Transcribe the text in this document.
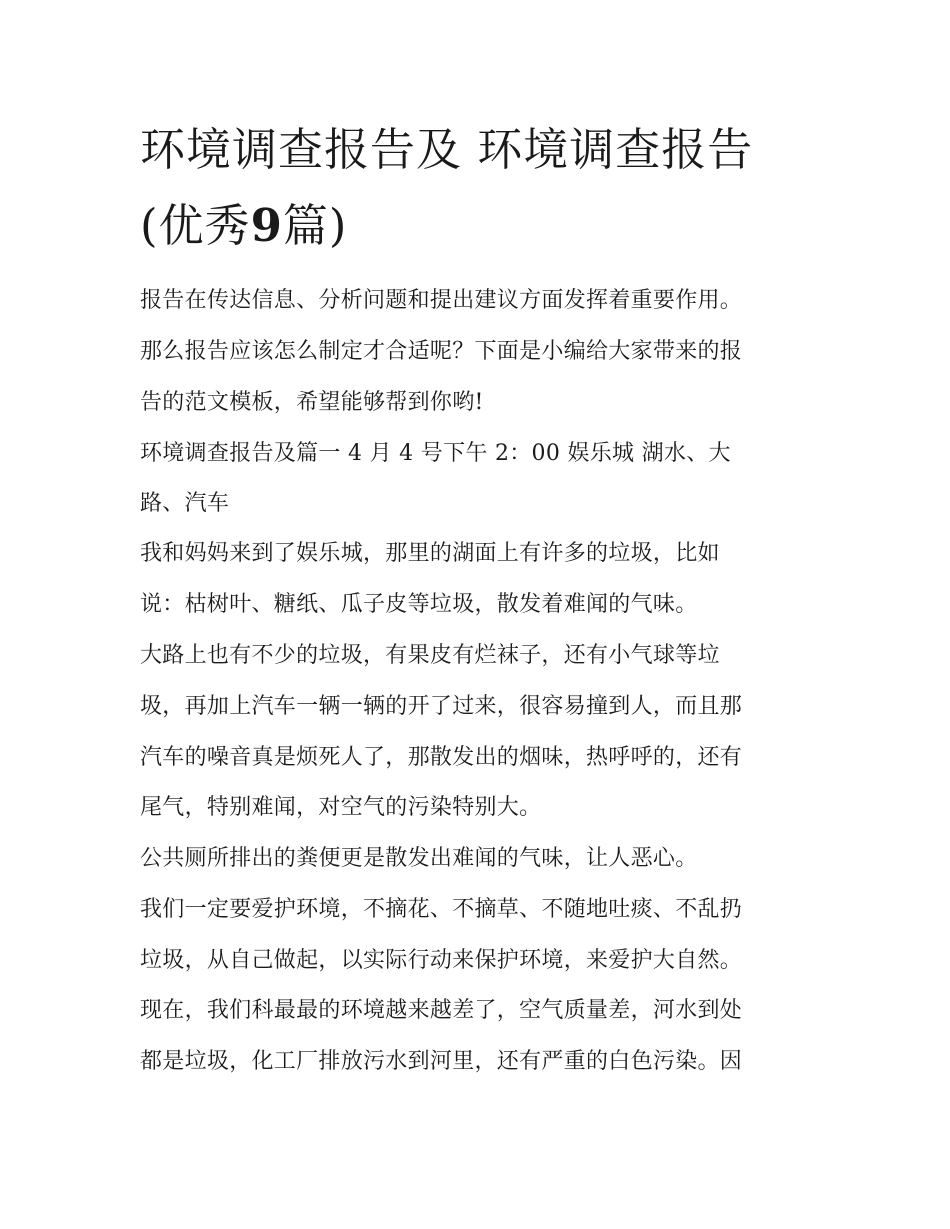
环境调查报告及 环境调查报告
(优秀9篇)

报告在传达信息、分析问题和提出建议方面发挥着重要作用。

那么报告应该怎么制定才合适呢？下面是小编给大家带来的报

告的范文模板，希望能够帮到你哟!

环境调查报告及篇一 4 月 4 号下午 2：00 娱乐城 湖水、大

路、汽车

我和妈妈来到了娱乐城，那里的湖面上有许多的垃圾，比如

说：枯树叶、糖纸、瓜子皮等垃圾，散发着难闻的气味。

大路上也有不少的垃圾，有果皮有烂袜子，还有小气球等垃

圾，再加上汽车一辆一辆的开了过来，很容易撞到人，而且那

汽车的噪音真是烦死人了，那散发出的烟味，热呼呼的，还有

尾气，特别难闻，对空气的污染特别大。

公共厕所排出的粪便更是散发出难闻的气味，让人恶心。

我们一定要爱护环境，不摘花、不摘草、不随地吐痰、不乱扔

垃圾，从自己做起，以实际行动来保护环境，来爱护大自然。

现在，我们科最最的环境越来越差了，空气质量差，河水到处

都是垃圾，化工厂排放污水到河里，还有严重的白色污染。因
